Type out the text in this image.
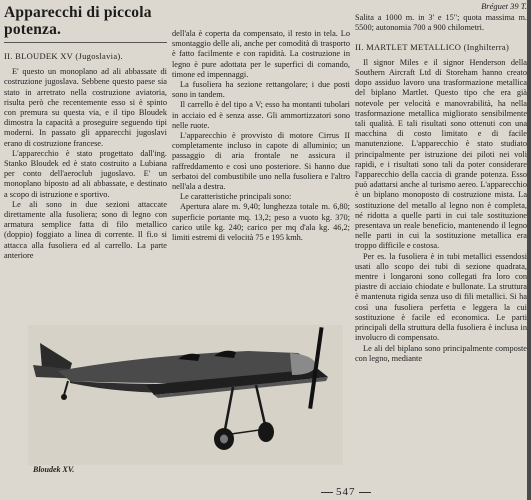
Apparecchi di piccola potenza.
II. BLOUDEK XV (Jugoslavia).

E' questo un monoplano ad ali abbassate di costruzione jugoslava. Sebbene questo paese sia stato in arretrato nella costruzione aviatoria, risulta però che recentemente esso si è spinto con premura su questa via, e il tipo Bloudek dimostra la capacità a proseguire seguendo tipi moderni. In passato gli apparecchi jugoslavi erano di costruzione francese.

L'apparecchio è stato progettato dall'ing. Stanko Bloudek ed è stato costruito a Lubiana per conto dell'aeroclub jugoslavo. E' un monoplano biposto ad ali abbassate, e destinato a scopo di istruzione e sportivo.

Le ali sono in due sezioni attaccate direttamente alla fusoliera; sono di legno con armatura semplice fatta di filo metallico (doppio) foggiato a linea di corrente. Il fi.o si attacca alla fusoliera ed al carrello. La parte anteriore

dell'ala è coperta da compensato, il resto in tela. Lo smontaggio delle ali, anche per comodità di trasporto è fatto facilmente e con rapidità. La costruzione in legno è pure adottata per le superfici di comando, timone ed impennaggi.

La fusoliera ha sezione rettangolare; i due posti sono in tandem.

Il carrello è del tipo a V; esso ha montanti tubolari in acciaio ed è senza asse. Gli ammortizzatori sono nelle ruote.

L'apparecchio è provvisto di motore Cirrus II completamente incluso in capote di alluminio; un passaggio di aria frontale ne assicura il raffreddamento e così uno posteriore. Si hanno due serbatoi del combustibile uno nella fusoliera e l'altro nell'ala a destra.

Le caratteristiche principali sono:

Apertura alare m. 9,40; lunghezza totale m. 6,80; superficie portante mq. 13,2; peso a vuoto kg. 370; carico utile kg. 240; carico per mq d'ala kg. 46,2; limiti estremi di velocità 75 e 195 kmh.

Bréguet 39 T.

Salita a 1000 m. in 3' e 15"; quota massima m. 5500; autonomia 700 a 900 chilometri.

II. MARTLET METALLICO (Inghilterra)

Il signor Miles e il signor Henderson della Southern Aircraft Ltd di Storeham hanno creato dopo assiduo lavoro una trasformazione metallica del biplano Martlet. Questo tipo che era già notevole per velocità e manovrabilità, ha nella trasformazione metallica migliorato sensibilmente tali qualità. E tali risultati sono ottenuti con una macchina di costo limitato e di facile manutenzione. L'apparecchio è stato studiato principalmente per istruzione dei piloti nei voli rapidi, e i risultati sono tali da poter considerare l'apparecchio della caccia di grande potenza. Esso può adattarsi anche al turismo aereo. L'apparecchio è un biplano monoposto di costruzione mista. La sostituzione del metallo al legno non è completa, né ridotta a quelle parti in cui tale sostituzione presentava un reale beneficio, mantenendo il legno nelle parti in cui la sostituzione metallica era troppo difficile e costosa.

Per es. la fusoliera è in tubi metallici essendosi usati allo scopo dei tubi di sezione quadrata, mentre i longaroni sono collegati fra loro con piastre di acciaio chiodate e bullonate. La struttura è mantenuta rigida senza uso di fili metallici. Si ha così una fusoliera perfetta e leggera la cui sostituzione è facile ed economica. Le parti principali della struttura della fusoliera è inclusa in involucro di compensato.

Le ali del biplano sono principalmente composte con legno, mediante

Bloudek XV.
547
